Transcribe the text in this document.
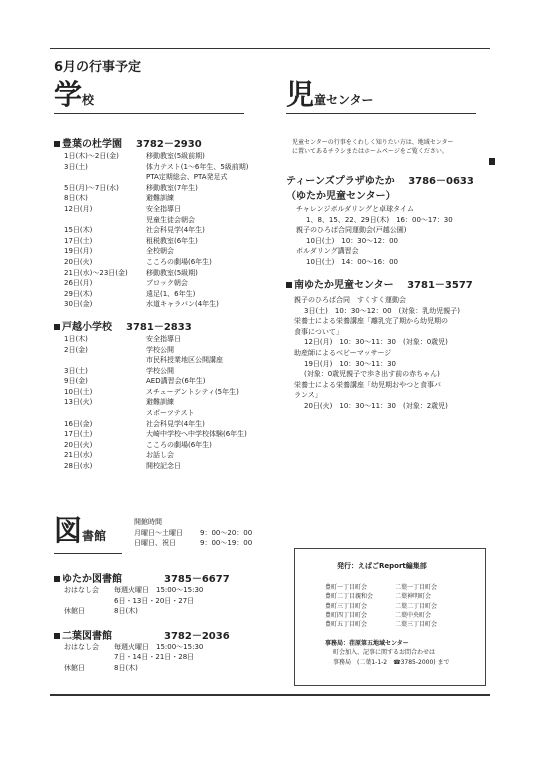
6月の行事予定
学校
豊葉の杜学園 3782－2930
1日(木)～2日(金)	移動教室(5級前期)
3日(土)	体力テスト(1～6年生、5級前期)
PTA定期総会、PTA発足式
5日(月)～7日(水)	移動教室(7年生)
8日(木)	避難訓練
12日(月)	安全指導日
児童生徒会朝会
15日(木)	社会科見学(4年生)
17日(土)	租税教室(6年生)
19日(月)	全校朝会
20日(火)	こころの劇場(6年生)
21日(水)～23日(金)	移動教室(5級期)
26日(月)	ブロック朝会
29日(木)	遠足(1、6年生)
30日(金)	水道キャラバン(4年生)
戸越小学校 3781－2833
1日(木)	安全指導日
2日(金)	学校公開
市民科授業地区公開講座
3日(土)	学校公開
9日(金)	AED講習会(6年生)
10日(土)	スチューデントシティ(5年生)
13日(火)	避難訓練
スポーツテスト
16日(金)	社会科見学(4年生)
17日(土)	大崎中学校へ中学校体験(6年生)
20日(火)	こころの劇場(6年生)
21日(水)	お話し会
28日(水)	開校記念日
児童センター
児童センターの行事をくわしく知りたい方は、地域センター
に置いてあるチラシまたはホームページをご覧ください。
ティーンズプラザゆたか 3786－0633
（ゆたか児童センター）
チャレンジボルダリングと卓球タイム
1、8、15、22、29日(木)　16：00～17：30
親子のひろば合同運動会(戸越公園)
10日(土)　10：30～12：00
ボルダリング講習会
10日(土)　14：00～16：00
南ゆたか児童センター 3781－3577
親子のひろば合同　すくすく運動会
3日(土)　10：30～12：00　(対象：乳幼児親子)
栄養士による栄養講座「離乳完了期から幼児期の
食事について」
12日(月)　10：30～11：30　(対象：0歳児)
助産師によるベビーマッサージ
19日(月)　10：30～11：30
(対象：0歳児親子で歩き出す前の赤ちゃん)
栄養士による栄養講座「幼児期おやつと食事バ
ランス」
20日(火)　10：30～11：30　(対象：2歳児)
図書館
開館時間
月曜日～土曜日 9：00～20：00
日曜日、祝日	9：00～19：00
ゆたか図書館	3785－6677
おはなし会	毎週火曜日　15:00～15:30
6日・13日・20日・27日
休館日	8日(木)
二葉図書館	3782－2036
おはなし会	毎週火曜日　15:00～15:30
7日・14日・21日・28日
休館日	8日(木)
発行：えばごReport編集部
豊町一丁目町会	二葉一丁目町会
豊町二丁目親和会	二葉神明町会
豊町三丁目町会	二葉二丁目町会
豊町四丁目町会	二葉中央町会
豊町五丁目町会	二葉三丁目町会
事務局：荏原第五地域センター
町会加入、記事に関するお問合わせは
事務局　(二葉1-1-2　☎3785-2000) まで
